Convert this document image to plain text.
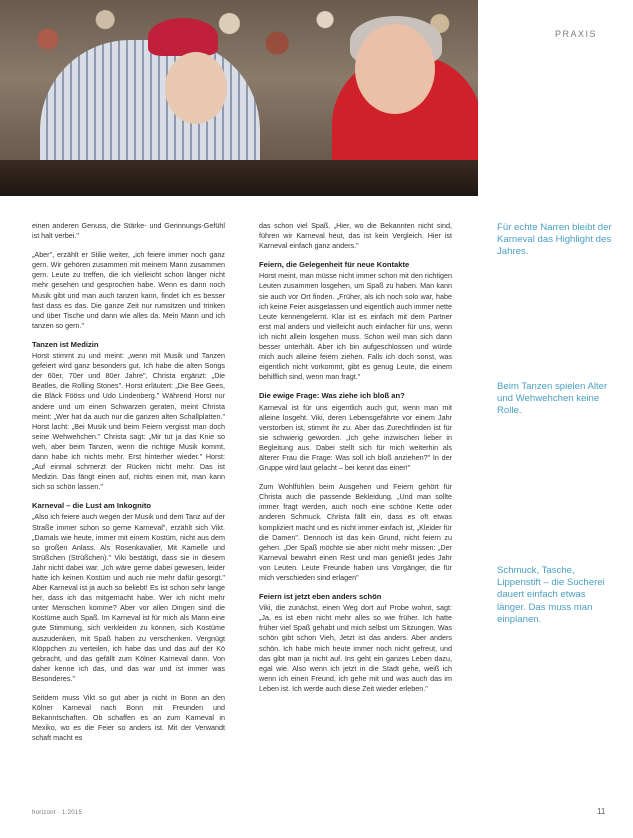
PRAXIS

einen anderen Genuss, die Stärke- und Gerinnungs-Gefühl ist halt verbei."

„Aber", erzählt er Stilie weiter, „ich feiere immer noch ganz gern. Wir gehören zusammen mit meinem Mann zusammen gern. Leute zu treffen, die ich vielleicht schon länger nicht mehr gesehen und gesprochen habe. Wenn es dann noch Musik gibt und man auch tanzen kann, findet ich es besser fast dass es das. Die ganze Zeit nur rumsitzen und trinken und über Tische und dann wie alles da. Mein Mann und ich tanzen so gern."

Tanzen ist Medizin

Horst stimmt zu und meint: „wenn mit Musik und Tanzen gefeiert wird ganz besonders gut. Ich habe die alten Songs der 60er, 70er und 80er Jahre", Christa ergänzt: „Die Beatles, die Rolling Stones". Horst erläutert: „Die Bee Gees, die Bläck Fööss und Udo Lindenberg." Während Horst nur andere und um einen Schwarzen geraten, meint Christa meint: „Wer hat da auch nur die ganzen alten Schallplatten." Horst lacht: „Bei Musik und beim Feiern vergisst man doch seine Wehwehchen." Christa sagt: „Mir tut ja das Knie so weh, aber beim Tanzen, wenn die richtige Musik kommt, dann habe ich nichts mehr. Erst hinterher wieder." Horst: „Auf einmal schmerzt der Rücken nicht mehr. Das ist Medizin. Das fängt einen auf, nichts einen mit, man kann sich so schön lassen."

Karneval – die Lust am Inkognito

„Also ich feiere auch wegen der Musik und dem Tanz auf der Straße immer schon so gerne Karneval", erzählt sich Vikt. „Damals wie heute, immer mit einem Kostüm, nicht aus dem so großen Anlass. Als Rosenkavalier, Mit Kamelle und Strüßchen (Strüßchen)." Viki bestätigt, dass sie in diesem Jahr nicht dabei war. „Ich wäre gerne dabei gewesen, leider hatte ich keinen Kostüm und auch nie mehr dafür gesorgt." Aber Karneval ist ja auch so beliebt! Es ist schon sehr lange her, dass ich das mitgemacht habe. Wer ich nicht mehr unter Menschen komme? Aber vor allen Dingen sind die Kostüme auch Spaß. Im Karneval ist für mich als Mann eine gute Stimmung, sich verkleiden zu können, sich Kostüme auszudenken, mit Spaß haben zu verschenken. Vergnügt Klöppchen zu verteilen, ich habe das und das auf der Kö gebracht, und das gefällt zum Kölner Karneval dann. Von daher kenne ich das, und das war und ist immer was Besonderes."

Seitdem muss Vikt so gut aber ja nicht in Bonn an den Kölner Karneval nach Bonn mit Freunden und Bekanntschaften. Ob schaffen es an zum Karneval in Mexiko, wo es die Feier so anders ist. Mit der Verwandt schaft macht es

das schon viel Spaß. „Hier, wo die Bekannten nicht sind, führen wir Karneval heut, das ist kein Vergleich. Hier ist Karneval einfach ganz anders."

Feiern, die Gelegenheit für neue Kontakte

Horst meint, man müsse nicht immer schon mit den richtigen Leuten zusammen losgehen, um Spaß zu haben. Man kann sie auch vor Ort finden. „Früher, als ich noch solo war, habe ich keine Feier ausgelassen und eigentlich auch immer nette Leute kennengelernt. Klar ist es einfach mit dem Partner erst mal anders und vielleicht auch einfacher für uns, wenn ich nicht allein losgehen muss. Schon weil man sich dann besser unterhält. Aber ich bin aufgeschlossen und würde mich auch alleine feiern ziehen. Falls ich doch sonst, was eigentlich nicht vorkommt, gibt es genug Leute, die einem behilflich sind, wenn man fragt."

Die ewige Frage: Was ziehe ich bloß an?

Karneval ist für uns eigentlich auch gut, wenn man mit alleine losgeht. Viki, deren Lebensgefährte vor einem Jahr verstorben ist, stimmt ihr zu. Aber das Zurechtfinden ist für sie schwierig geworden. „Ich gehe inzwischen lieber in Begleitung aus. Dabei stellt sich für mich weiterhin als älterer Frau die Frage: Was soll ich bloß anziehen?" In der Gruppe wird laut gelacht – bei kennt das einer!"

Zum Wohlfühlen beim Ausgehen und Feiern gehört für Christa auch die passende Bekleidung. „Und man sollte immer fragt werden, auch noch eine schöne Kette oder anderen Schmuck. Christa fällt ein, dass es oft etwas kompliziert macht und es nicht immer einfach ist, „Kleider für die Damen". Dennoch ist das kein Grund, nicht feiern zu gehen. „Der Spaß möchte sie aber nicht mehr missen: „Der Karneval bewahrt einen Rest und man genießt jedes Jahr von Leuten. Leute Freunde haben uns Vorgänger, die für mich verschieden sind erlagen"

Feiern ist jetzt eben anders schön

Viki, die zunächst, einen Weg dort auf Probe wohnt, sagt: „Ja, es ist eben nicht mehr alles so wie früher. Ich hatte früher viel Spaß gehabt und mich selbst um Sitzungen. Was schön gibt schon Vieh, Jetzt ist das anders. Aber anders schön. Ich habe mich heute immer noch nicht gefreut, und das gibt man ja nicht auf. Ins geht ein ganzes Leben dazu, egal wie. Also wenn ich jetzt in die Stadt gehe, weiß ich wenn ich einen Freund, ich gehe mit und was auch das im Leben ist. Ich werde auch diese Zeit wieder erleben."

Für echte Narren bleibt der Karneval das Highlight des Jahres.
Beim Tanzen spielen Alter und Wehwehchen keine Rolle.
Schmuck, Tasche, Lippenstift – die Sucherei dauert einfach etwas länger. Das muss man einplanen.
horizont · 1.2015	11
